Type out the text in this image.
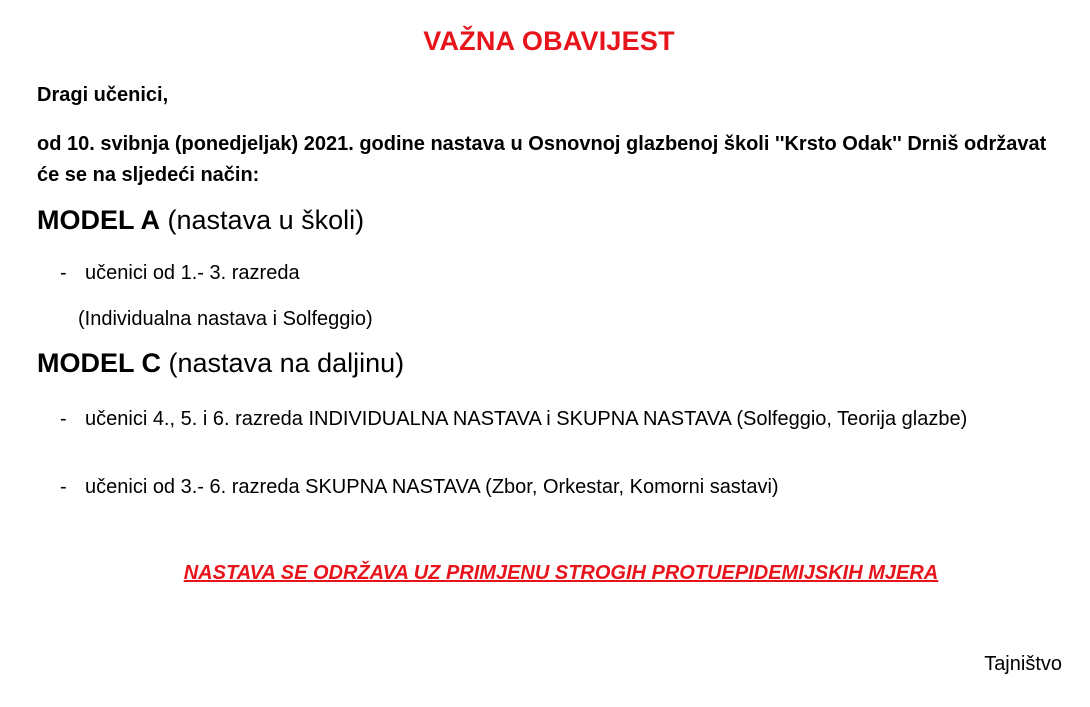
VAŽNA OBAVIJEST
Dragi učenici,
od 10. svibnja (ponedjeljak) 2021. godine nastava u Osnovnoj glazbenoj školi ''Krsto Odak'' Drniš održavat će se na sljedeći način:
MODEL A (nastava u školi)
- učenici od 1.- 3. razreda
(Individualna nastava i Solfeggio)
MODEL C (nastava na daljinu)
- učenici 4., 5. i 6. razreda INDIVIDUALNA NASTAVA i SKUPNA NASTAVA (Solfeggio, Teorija glazbe)
- učenici od 3.- 6. razreda SKUPNA NASTAVA (Zbor, Orkestar, Komorni sastavi)
NASTAVA SE ODRŽAVA UZ PRIMJENU STROGIH PROTUEPIDEMIJSKIH MJERA
Tajništvo
